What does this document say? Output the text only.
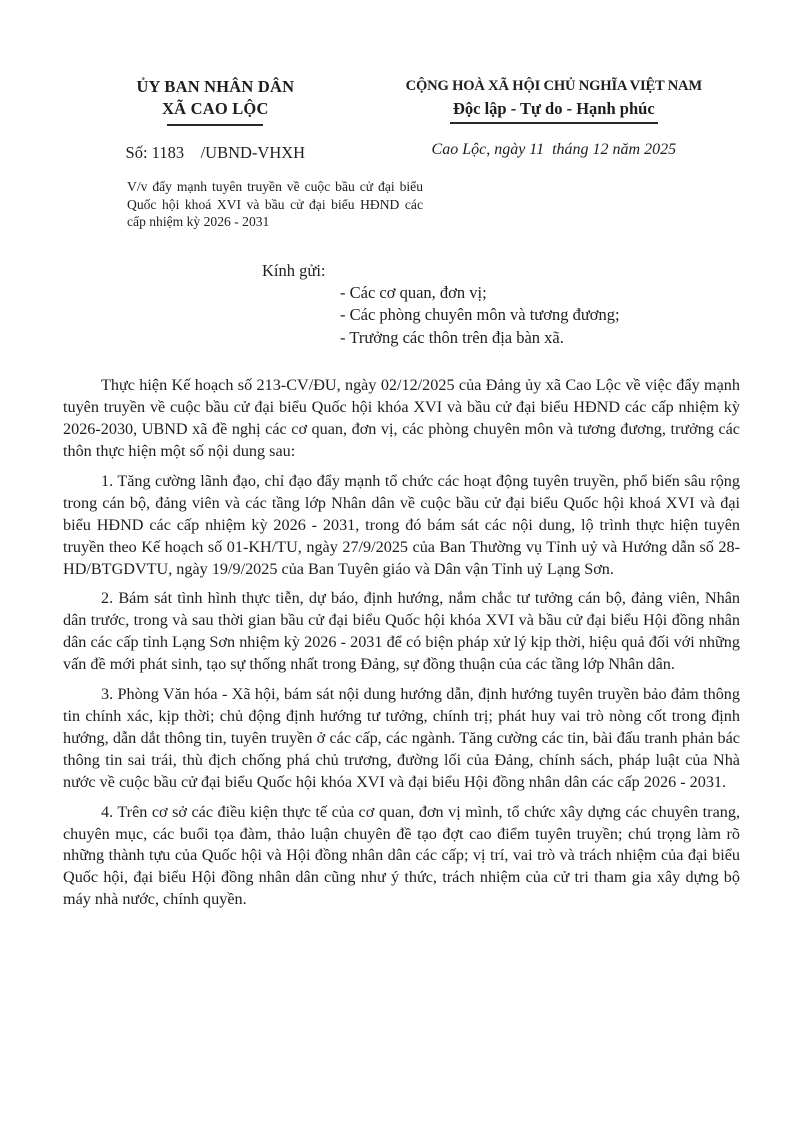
ỦY BAN NHÂN DÂN
XÃ CAO LỘC
Số: 1183    /UBND-VHXH
CỘNG HOÀ XÃ HỘI CHỦ NGHĨA VIỆT NAM
Độc lập - Tự do - Hạnh phúc
Cao Lộc, ngày 11  tháng 12 năm 2025
V/v đẩy mạnh tuyên truyền về cuộc bầu cử đại biểu Quốc hội khoá XVI và bầu cử đại biểu HĐND các cấp nhiệm kỳ 2026 - 2031
Kính gửi:
- Các cơ quan, đơn vị;
- Các phòng chuyên môn và tương đương;
- Trưởng các thôn trên địa bàn xã.

Thực hiện Kế hoạch số 213-CV/ĐU, ngày 02/12/2025 của Đảng ủy xã Cao Lộc về việc đẩy mạnh tuyên truyền về cuộc bầu cử đại biểu Quốc hội khóa XVI và bầu cử đại biểu HĐND các cấp nhiệm kỳ 2026-2030, UBND xã đề nghị các cơ quan, đơn vị, các phòng chuyên môn và tương đương, trưởng các thôn thực hiện một số nội dung sau:

1. Tăng cường lãnh đạo, chỉ đạo đẩy mạnh tổ chức các hoạt động tuyên truyền, phổ biến sâu rộng trong cán bộ, đảng viên và các tầng lớp Nhân dân về cuộc bầu cử đại biểu Quốc hội khoá XVI và đại biểu HĐND các cấp nhiệm kỳ 2026 - 2031, trong đó bám sát các nội dung, lộ trình thực hiện tuyên truyền theo Kế hoạch số 01-KH/TU, ngày 27/9/2025 của Ban Thường vụ Tỉnh uỷ và Hướng dẫn số 28-HD/BTGDVTU, ngày 19/9/2025 của Ban Tuyên giáo và Dân vận Tỉnh uỷ Lạng Sơn.

2. Bám sát tình hình thực tiễn, dự báo, định hướng, nắm chắc tư tưởng cán bộ, đảng viên, Nhân dân trước, trong và sau thời gian bầu cử đại biểu Quốc hội khóa XVI và bầu cử đại biểu Hội đồng nhân dân các cấp tỉnh Lạng Sơn nhiệm kỳ 2026 - 2031 để có biện pháp xử lý kịp thời, hiệu quả đối với những vấn đề mới phát sinh, tạo sự thống nhất trong Đảng, sự đồng thuận của các tầng lớp Nhân dân.

3. Phòng Văn hóa - Xã hội, bám sát nội dung hướng dẫn, định hướng tuyên truyền bảo đảm thông tin chính xác, kịp thời; chủ động định hướng tư tưởng, chính trị; phát huy vai trò nòng cốt trong định hướng, dẫn dắt thông tin, tuyên truyền ở các cấp, các ngành. Tăng cường các tin, bài đấu tranh phản bác thông tin sai trái, thù địch chống phá chủ trương, đường lối của Đảng, chính sách, pháp luật của Nhà nước về cuộc bầu cử đại biểu Quốc hội khóa XVI và đại biểu Hội đồng nhân dân các cấp 2026 - 2031.

4. Trên cơ sở các điều kiện thực tế của cơ quan, đơn vị mình, tổ chức xây dựng các chuyên trang, chuyên mục, các buổi tọa đàm, thảo luận chuyên đề tạo đợt cao điểm tuyên truyền; chú trọng làm rõ những thành tựu của Quốc hội và Hội đồng nhân dân các cấp; vị trí, vai trò và trách nhiệm của đại biểu Quốc hội, đại biểu Hội đồng nhân dân cũng như ý thức, trách nhiệm của cử tri tham gia xây dựng bộ máy nhà nước, chính quyền.
